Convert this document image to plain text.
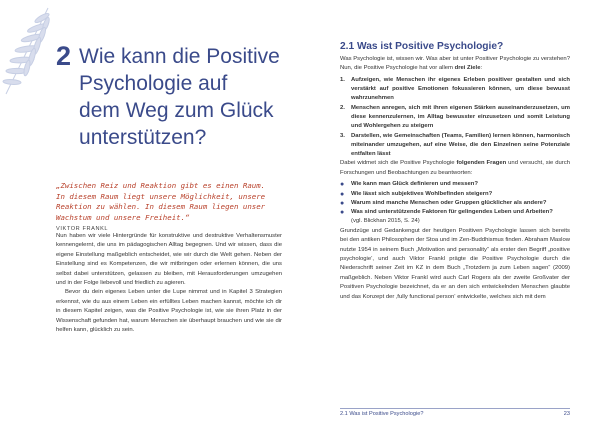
2 Wie kann die Positive
Psychologie auf
dem Weg zum Glück
unterstützen?
„Zwischen Reiz und Reaktion gibt es einen Raum.
In diesem Raum liegt unsere Möglichkeit, unsere
Reaktion zu wählen. In diesem Raum liegen unser
Wachstum und unsere Freiheit.“
VIKTOR FRANKL

Nun haben wir viele Hintergründe für konstruktive und destruktive Verhaltensmuster kennengelernt, die uns im pädagogischen Alltag begegnen. Und wir wissen, dass die eigene Einstellung maßgeblich entscheidet, wie wir durch die Welt gehen. Neben der Einstellung sind es Kompetenzen, die wir mitbringen oder erlernen können, die uns selbst dabei unterstützen, gelassen zu bleiben, mit Herausforderungen umzugehen und in der Folge liebevoll und friedlich zu agieren.

Bevor du dein eigenes Leben unter die Lupe nimmst und in Kapitel 3 Strategien erkennst, wie du aus einem Leben ein erfülltes Leben machen kannst, möchte ich dir in diesem Kapitel zeigen, was die Positive Psychologie ist, wie sie ihren Platz in der Wissenschaft gefunden hat, warum Menschen sie überhaupt brauchen und wie sie dir helfen kann, glücklich zu sein.

2.1 Was ist Positive Psychologie?

Was Psychologie ist, wissen wir. Was aber ist unter Positiver Psychologie zu verstehen? Nun, die Positive Psychologie hat vor allem drei Ziele:

1.	Aufzeigen, wie Menschen ihr eigenes Erleben positiver gestalten und sich verstärkt auf positive Emotionen fokussieren können, um diese bewusst wahrzunehmen
2.	Menschen anregen, sich mit ihren eigenen Stärken auseinanderzusetzen, um diese kennenzulernen, im Alltag bewusster einzusetzen und somit Leistung und Wohlergehen zu steigern
3.	Darstellen, wie Gemeinschaften (Teams, Familien) lernen können, harmonisch miteinander umzugehen, auf eine Weise, die den Einzelnen seine Potenziale entfalten lässt

Dabei widmet sich die Positive Psychologie folgenden Fragen und versucht, sie durch Forschungen und Beobachtungen zu beantworten:

●	Wie kann man Glück definieren und messen?
●	Wie lässt sich subjektives Wohlbefinden steigern?
●	Warum sind manche Menschen oder Gruppen glücklicher als andere?
●	Was sind unterstützende Faktoren für gelingendes Leben und Arbeiten?
(vgl. Blickhan 2015, S. 24)

Grundzüge und Gedankengut der heutigen Positiven Psychologie lassen sich bereits bei den antiken Philosophen der Stoa und im Zen-Buddhismus finden. Abraham Maslow nutzte 1954 in seinem Buch „Motivation and personality“ als erster den Begriff „positive psychologie‘, und auch Viktor Frankl prägte die Positive Psychologie durch die Niederschrift seiner Zeit im KZ in dem Buch „Trotzdem ja zum Leben sagen“ (2009) maßgeblich. Neben Viktor Frankl wird auch Carl Rogers als der zweite Großvater der Positiven Psychologie bezeichnet, da er an den sich entwickelnden Menschen glaubte und das Konzept der ‚fully functional person‘ entwickelte, welches sich mit dem

2.1 Was ist Positive Psychologie?	23
